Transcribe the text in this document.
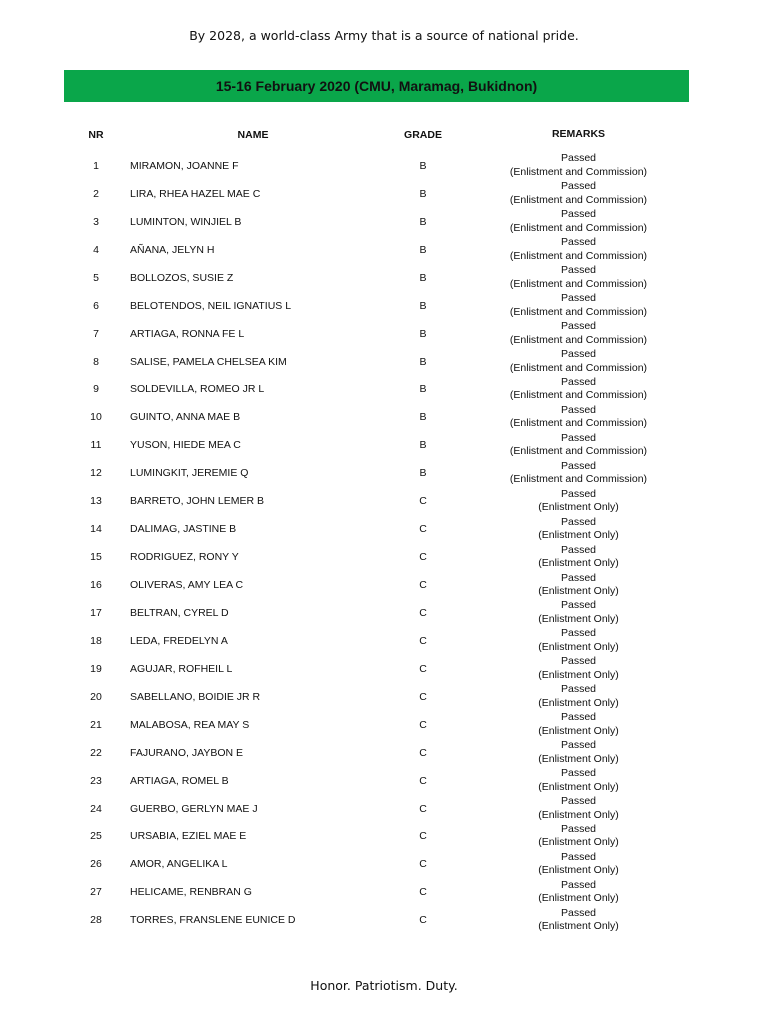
By 2028, a world-class Army that is a source of national pride.
15-16 February 2020 (CMU, Maramag, Bukidnon)
NR	NAME	GRADE	REMARKS
1	MIRAMON, JOANNE F	B
Passed
(Enlistment and Commission)
2	LIRA, RHEA HAZEL MAE C	B
Passed
(Enlistment and Commission)
3	LUMINTON, WINJIEL B	B
Passed
(Enlistment and Commission)
4	AÑANA, JELYN H	B
Passed
(Enlistment and Commission)
5	BOLLOZOS, SUSIE Z	B
Passed
(Enlistment and Commission)
6	BELOTENDOS, NEIL IGNATIUS L	B
Passed
(Enlistment and Commission)
7	ARTIAGA, RONNA FE L	B
Passed
(Enlistment and Commission)
8	SALISE, PAMELA CHELSEA KIM	B
Passed
(Enlistment and Commission)
9	SOLDEVILLA, ROMEO JR L	B
Passed
(Enlistment and Commission)
10	GUINTO, ANNA MAE B	B
Passed
(Enlistment and Commission)
11	YUSON, HIEDE MEA C	B
Passed
(Enlistment and Commission)
12	LUMINGKIT, JEREMIE Q	B
Passed
(Enlistment and Commission)
13	BARRETO, JOHN LEMER B	C
Passed
(Enlistment Only)
14	DALIMAG, JASTINE B	C
Passed
(Enlistment Only)
15	RODRIGUEZ, RONY Y	C
Passed
(Enlistment Only)
16	OLIVERAS, AMY LEA C	C
Passed
(Enlistment Only)
17	BELTRAN, CYREL D	C
Passed
(Enlistment Only)
18	LEDA, FREDELYN A	C
Passed
(Enlistment Only)
19	AGUJAR, ROFHEIL L	C
Passed
(Enlistment Only)
20	SABELLANO, BOIDIE JR R	C
Passed
(Enlistment Only)
21	MALABOSA, REA MAY S	C
Passed
(Enlistment Only)
22	FAJURANO, JAYBON E	C
Passed
(Enlistment Only)
23	ARTIAGA, ROMEL B	C
Passed
(Enlistment Only)
24	GUERBO, GERLYN MAE J	C
Passed
(Enlistment Only)
25	URSABIA, EZIEL MAE E	C
Passed
(Enlistment Only)
26	AMOR, ANGELIKA L	C
Passed
(Enlistment Only)
27	HELICAME, RENBRAN G	C
Passed
(Enlistment Only)
28	TORRES, FRANSLENE EUNICE D	C
Passed
(Enlistment Only)
Honor. Patriotism. Duty.
